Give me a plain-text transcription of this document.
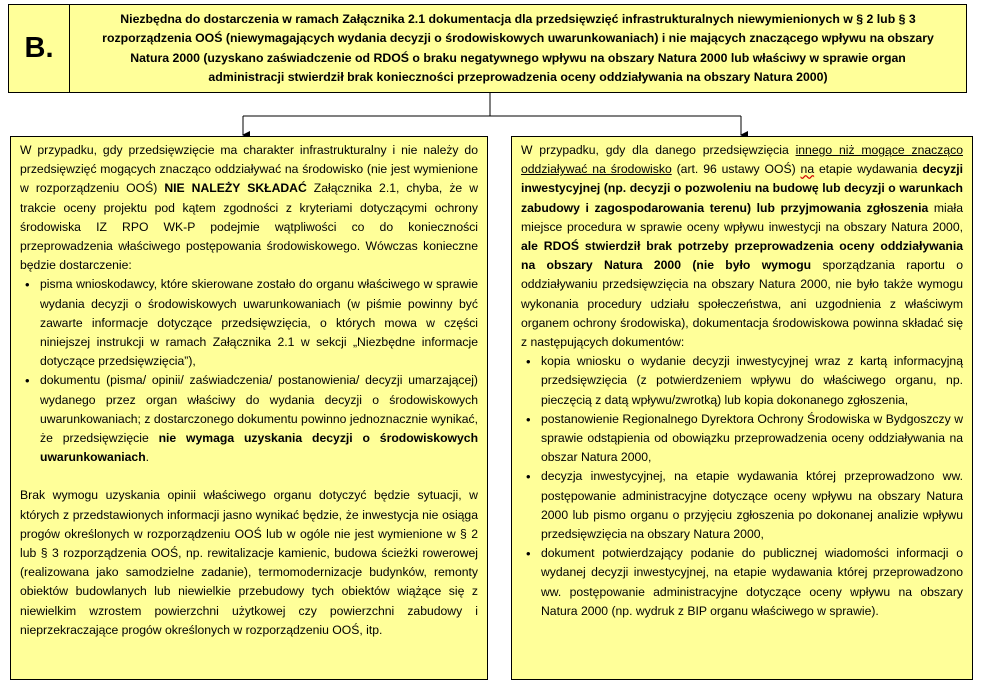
B.
Niezbędna do dostarczenia w ramach Załącznika 2.1 dokumentacja dla przedsięwzięć infrastrukturalnych niewymienionych w § 2 lub § 3 rozporządzenia OOŚ (niewymagających wydania decyzji o środowiskowych uwarunkowaniach) i nie mających znaczącego wpływu na obszary Natura 2000 (uzyskano zaświadczenie od RDOŚ o braku negatywnego wpływu na obszary Natura 2000 lub właściwy w sprawie organ administracji stwierdził brak konieczności przeprowadzenia oceny oddziaływania na obszary Natura 2000)

W przypadku, gdy przedsięwzięcie ma charakter infrastrukturalny i nie należy do przedsięwzięć mogących znacząco oddziaływać na środowisko (nie jest wymienione w rozporządzeniu OOŚ) NIE NALEŻY SKŁADAĆ Załącznika 2.1, chyba, że w trakcie oceny projektu pod kątem zgodności z kryteriami dotyczącymi ochrony środowiska IZ RPO WK-P podejmie wątpliwości co do konieczności przeprowadzenia właściwego postępowania środowiskowego. Wówczas konieczne będzie dostarczenie:

• pisma wnioskodawcy, które skierowane zostało do organu właściwego w sprawie wydania decyzji o środowiskowych uwarunkowaniach (w piśmie powinny być zawarte informacje dotyczące przedsięwzięcia, o których mowa w części niniejszej instrukcji w ramach Załącznika 2.1 w sekcji „Niezbędne informacje dotyczące przedsięwzięcia”),
• dokumentu (pisma/ opinii/ zaświadczenia/ postanowienia/ decyzji umarzającej) wydanego przez organ właściwy do wydania decyzji o środowiskowych uwarunkowaniach; z dostarczonego dokumentu powinno jednoznacznie wynikać, że przedsięwzięcie nie wymaga uzyskania decyzji o środowiskowych uwarunkowaniach.

Brak wymogu uzyskania opinii właściwego organu dotyczyć będzie sytuacji, w których z przedstawionych informacji jasno wynikać będzie, że inwestycja nie osiąga progów określonych w rozporządzeniu OOŚ lub w ogóle nie jest wymienione w § 2 lub § 3 rozporządzenia OOŚ, np. rewitalizacje kamienic, budowa ścieżki rowerowej (realizowana jako samodzielne zadanie), termomodernizacje budynków, remonty obiektów budowlanych lub niewielkie przebudowy tych obiektów wiążące się z niewielkim wzrostem powierzchni użytkowej czy powierzchni zabudowy i nieprzekraczające progów określonych w rozporządzeniu OOŚ, itp.

W przypadku, gdy dla danego przedsięwzięcia innego niż mogące znacząco oddziaływać na środowisko (art. 96 ustawy OOŚ) na etapie wydawania decyzji inwestycyjnej (np. decyzji o pozwoleniu na budowę lub decyzji o warunkach zabudowy i zagospodarowania terenu) lub przyjmowania zgłoszenia miała miejsce procedura w sprawie oceny wpływu inwestycji na obszary Natura 2000, ale RDOŚ stwierdził brak potrzeby przeprowadzenia oceny oddziaływania na obszary Natura 2000 (nie było wymogu sporządzania raportu o oddziaływaniu przedsięwzięcia na obszary Natura 2000, nie było także wymogu wykonania procedury udziału społeczeństwa, ani uzgodnienia z właściwym organem ochrony środowiska), dokumentacja środowiskowa powinna składać się z następujących dokumentów:

• kopia wniosku o wydanie decyzji inwestycyjnej wraz z kartą informacyjną przedsięwzięcia (z potwierdzeniem wpływu do właściwego organu, np. pieczęcią z datą wpływu/zwrotką) lub kopia dokonanego zgłoszenia,
• postanowienie Regionalnego Dyrektora Ochrony Środowiska w Bydgoszczy w sprawie odstąpienia od obowiązku przeprowadzenia oceny oddziaływania na obszar Natura 2000,
• decyzja inwestycyjnej, na etapie wydawania której przeprowadzono ww. postępowanie administracyjne dotyczące oceny wpływu na obszary Natura 2000 lub pismo organu o przyjęciu zgłoszenia po dokonanej analizie wpływu przedsięwzięcia na obszary Natura 2000,
• dokument potwierdzający podanie do publicznej wiadomości informacji o wydanej decyzji inwestycyjnej, na etapie wydawania której przeprowadzono ww. postępowanie administracyjne dotyczące oceny wpływu na obszary Natura 2000 (np. wydruk z BIP organu właściwego w sprawie).
